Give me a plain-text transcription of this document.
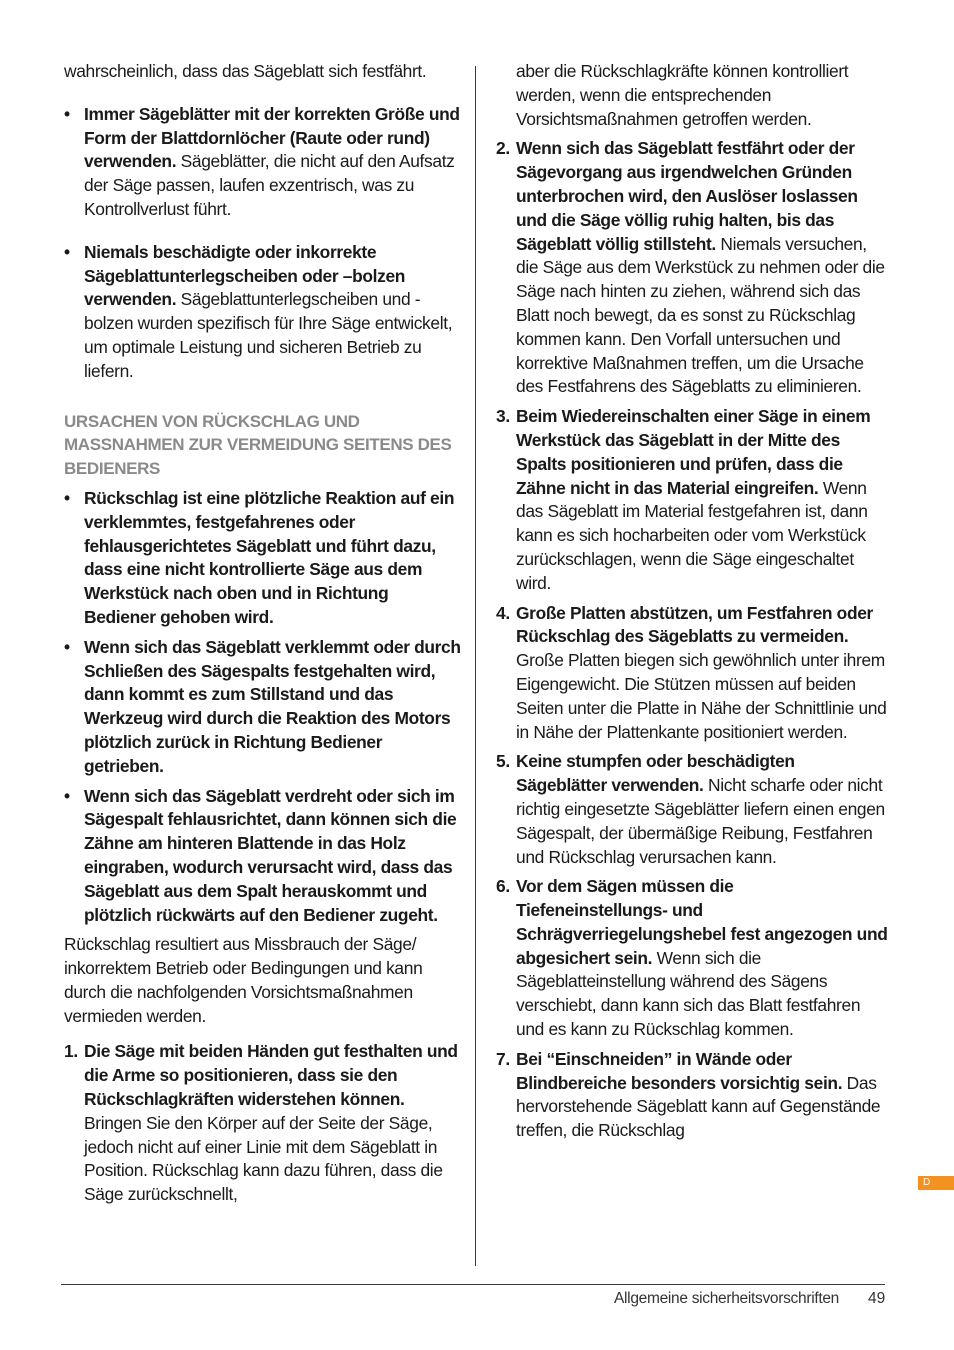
wahrscheinlich, dass das Sägeblatt sich festfährt.

• Immer Sägeblätter mit der korrekten Größe und Form der Blattdornlöcher (Raute oder rund) verwenden. Sägeblätter, die nicht auf den Aufsatz der Säge passen, laufen exzentrisch, was zu Kontrollverlust führt.

• Niemals beschädigte oder inkorrekte Sägeblattunterlegscheiben oder –bolzen verwenden. Sägeblattunterlegscheiben und -bolzen wurden spezifisch für Ihre Säge entwickelt, um optimale Leistung und sicheren Betrieb zu liefern.

URSACHEN VON RÜCKSCHLAG UND MASSNAHMEN ZUR VERMEIDUNG SEITENS DES BEDIENERS

• Rückschlag ist eine plötzliche Reaktion auf ein verklemmtes, festgefahrenes oder fehlausgerichtetes Sägeblatt und führt dazu, dass eine nicht kontrollierte Säge aus dem Werkstück nach oben und in Richtung Bediener gehoben wird.

• Wenn sich das Sägeblatt verklemmt oder durch Schließen des Sägespalts festgehalten wird, dann kommt es zum Stillstand und das Werkzeug wird durch die Reaktion des Motors plötzlich zurück in Richtung Bediener getrieben.

• Wenn sich das Sägeblatt verdreht oder sich im Sägespalt fehlausrichtet, dann können sich die Zähne am hinteren Blattende in das Holz eingraben, wodurch verursacht wird, dass das Sägeblatt aus dem Spalt herauskommt und plötzlich rückwärts auf den Bediener zugeht.

Rückschlag resultiert aus Missbrauch der Säge/ inkorrektem Betrieb oder Bedingungen und kann durch die nachfolgenden Vorsichtsmaßnahmen vermieden werden.

1. Die Säge mit beiden Händen gut festhalten und die Arme so positionieren, dass sie den Rückschlagkräften widerstehen können. Bringen Sie den Körper auf der Seite der Säge, jedoch nicht auf einer Linie mit dem Sägeblatt in Position. Rückschlag kann dazu führen, dass die Säge zurückschnellt,

aber die Rückschlagkräfte können kontrolliert werden, wenn die entsprechenden Vorsichtsmaßnahmen getroffen werden.

2. Wenn sich das Sägeblatt festfährt oder der Sägevorgang aus irgendwelchen Gründen unterbrochen wird, den Auslöser loslassen und die Säge völlig ruhig halten, bis das Sägeblatt völlig stillsteht. Niemals versuchen, die Säge aus dem Werkstück zu nehmen oder die Säge nach hinten zu ziehen, während sich das Blatt noch bewegt, da es sonst zu Rückschlag kommen kann. Den Vorfall untersuchen und korrektive Maßnahmen treffen, um die Ursache des Festfahrens des Sägeblatts zu eliminieren.

3. Beim Wiedereinschalten einer Säge in einem Werkstück das Sägeblatt in der Mitte des Spalts positionieren und prüfen, dass die Zähne nicht in das Material eingreifen. Wenn das Sägeblatt im Material festgefahren ist, dann kann es sich hocharbeiten oder vom Werkstück zurückschlagen, wenn die Säge eingeschaltet wird.

4. Große Platten abstützen, um Festfahren oder Rückschlag des Sägeblatts zu vermeiden. Große Platten biegen sich gewöhnlich unter ihrem Eigengewicht. Die Stützen müssen auf beiden Seiten unter die Platte in Nähe der Schnittlinie und in Nähe der Plattenkante positioniert werden.

5. Keine stumpfen oder beschädigten Sägeblätter verwenden. Nicht scharfe oder nicht richtig eingesetzte Sägeblätter liefern einen engen Sägespalt, der übermäßige Reibung, Festfahren und Rückschlag verursachen kann.

6. Vor dem Sägen müssen die Tiefeneinstellungs- und Schrägverriegelungshebel fest angezogen und abgesichert sein. Wenn sich die Sägeblatteinstellung während des Sägens verschiebt, dann kann sich das Blatt festfahren und es kann zu Rückschlag kommen.

7. Bei “Einschneiden” in Wände oder Blindbereiche besonders vorsichtig sein. Das hervorstehende Sägeblatt kann auf Gegenstände treffen, die Rückschlag

D
Allgemeine sicherheitsvorschriften 49
